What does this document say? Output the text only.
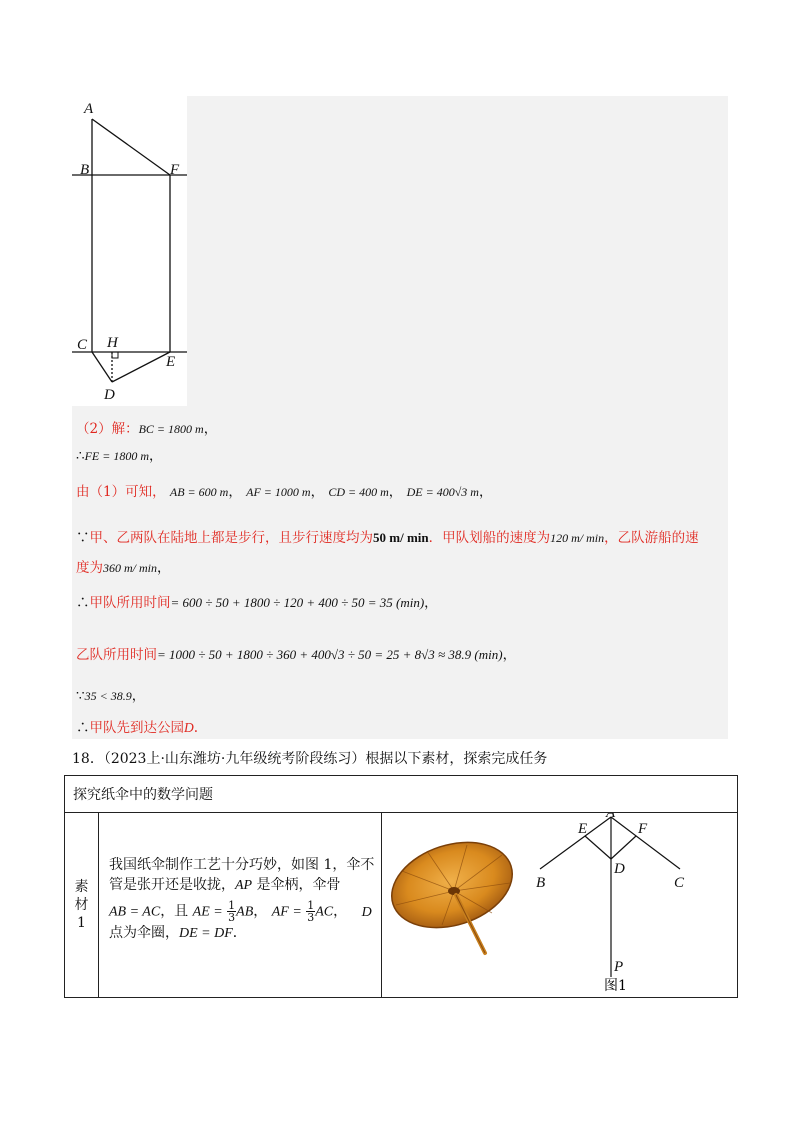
A
B	F
C H
E
D
（2）解：BC = 1800 m，
∴FE = 1800 m，
由（1）可知， AB = 600 m， AF = 1000 m， CD = 400 m， DE = 400√3 m，
∵甲、乙两队在陆地上都是步行，且步行速度均为50 m/ min．甲队划船的速度为120 m/ min，乙队游船的速
度为360 m/ min，
∴甲队所用时间= 600 ÷ 50 + 1800 ÷ 120 + 400 ÷ 50 = 35 (min)，
乙队所用时间= 1000 ÷ 50 + 1800 ÷ 360 + 400√3 ÷ 50 = 25 + 8√3 ≈ 38.9 (min)，
∵35 < 38.9，
∴甲队先到达公园D.
18．（2023上·山东潍坊·九年级统考阶段练习）根据以下素材，探索完成任务
探究纸伞中的数学问题

素
材
1

我国纸伞制作工艺十分巧妙，如图 1，伞不
管是张开还是收拢，AP 是伞柄，伞骨
AB = AC，且 AE = $\frac{1}{3}$ AB， AF = $\frac{1}{3}$ AC， D
点为伞圈，DE = DF．

A
E	F
B	C
D
P
图1
